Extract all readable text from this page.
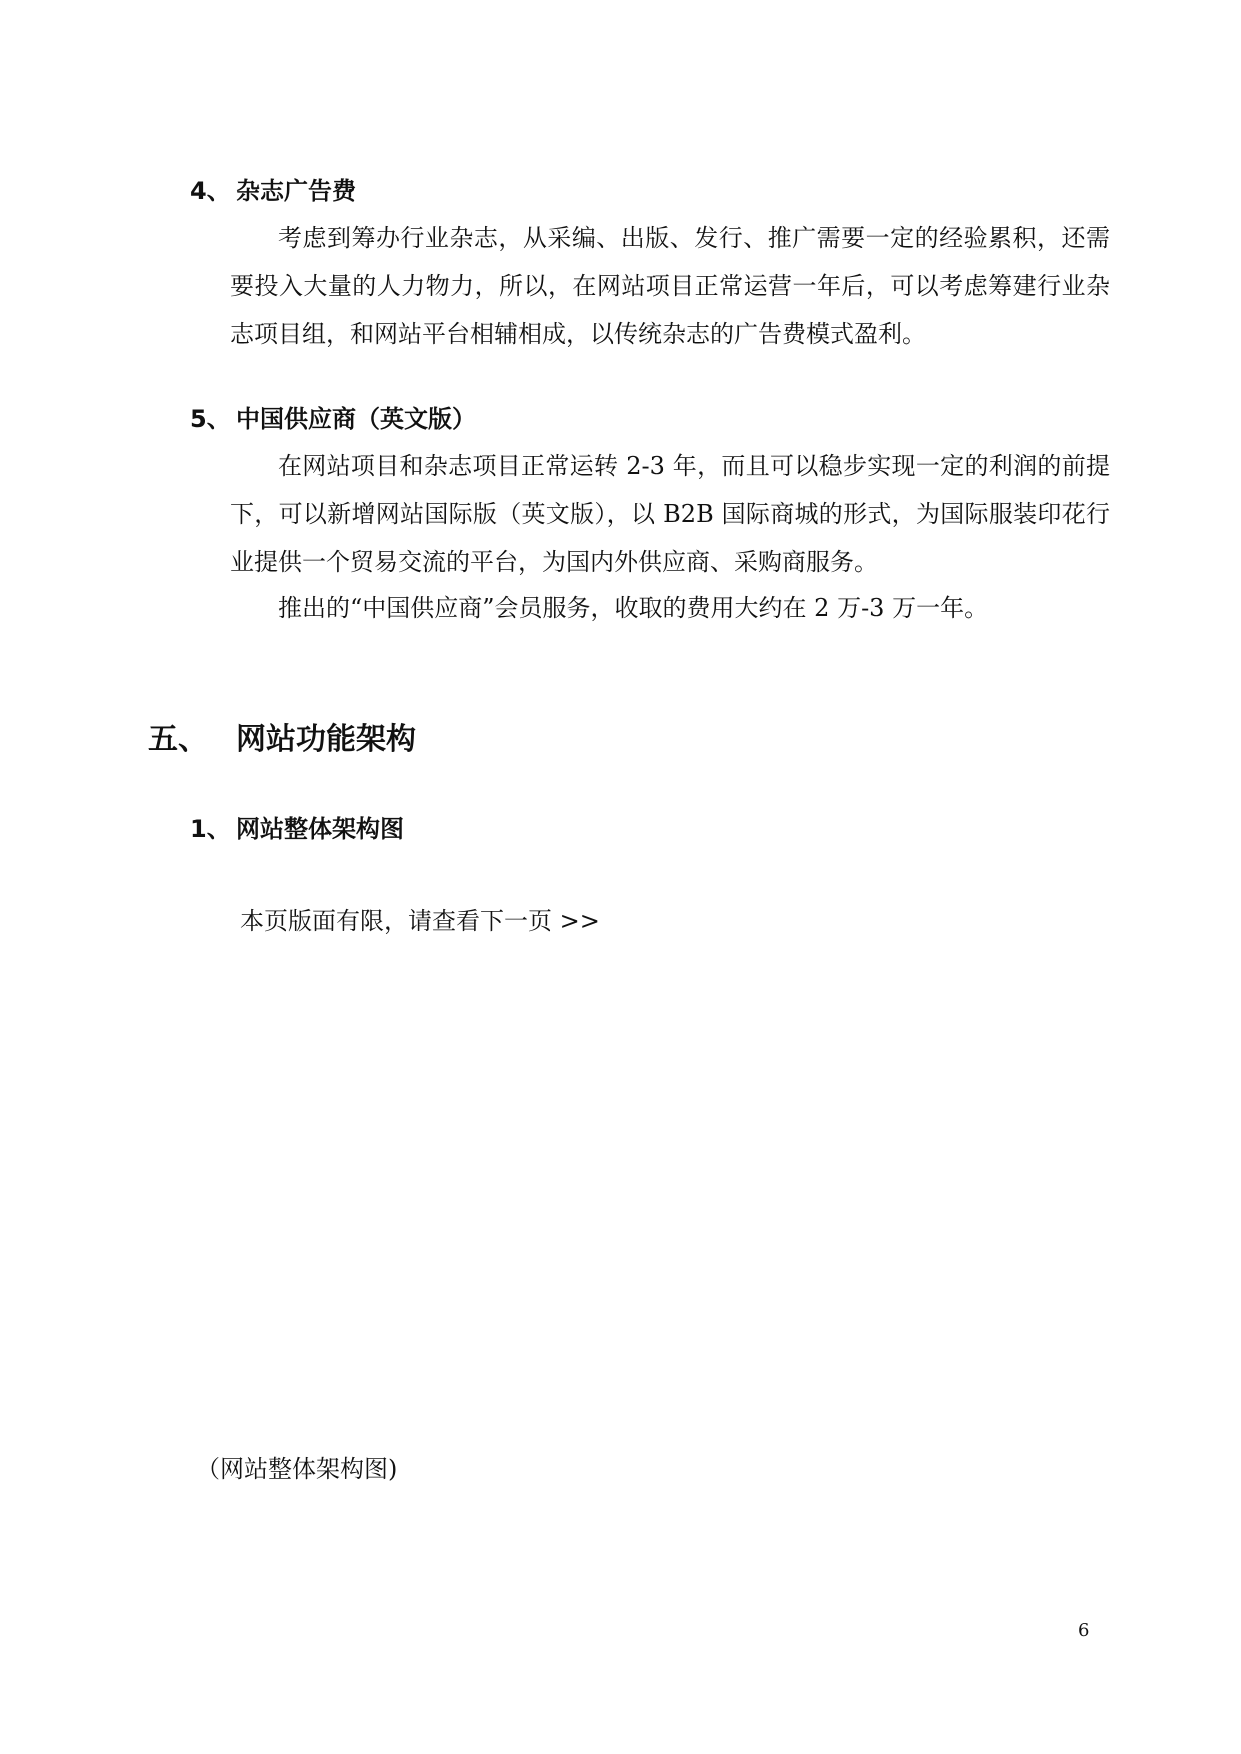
4、 杂志广告费
考虑到筹办行业杂志，从采编、出版、发行、推广需要一定的经验累积，还需要投入大量的人力物力，所以，在网站项目正常运营一年后，可以考虑筹建行业杂志项目组，和网站平台相辅相成，以传统杂志的广告费模式盈利。
5、 中国供应商（英文版）
在网站项目和杂志项目正常运转 2-3 年，而且可以稳步实现一定的利润的前提下，可以新增网站国际版（英文版），以 B2B 国际商城的形式，为国际服装印花行业提供一个贸易交流的平台，为国内外供应商、采购商服务。
推出的“中国供应商”会员服务，收取的费用大约在 2 万-3 万一年。
五、 网站功能架构
1、 网站整体架构图
本页版面有限，请查看下一页 >>
（网站整体架构图)
6
